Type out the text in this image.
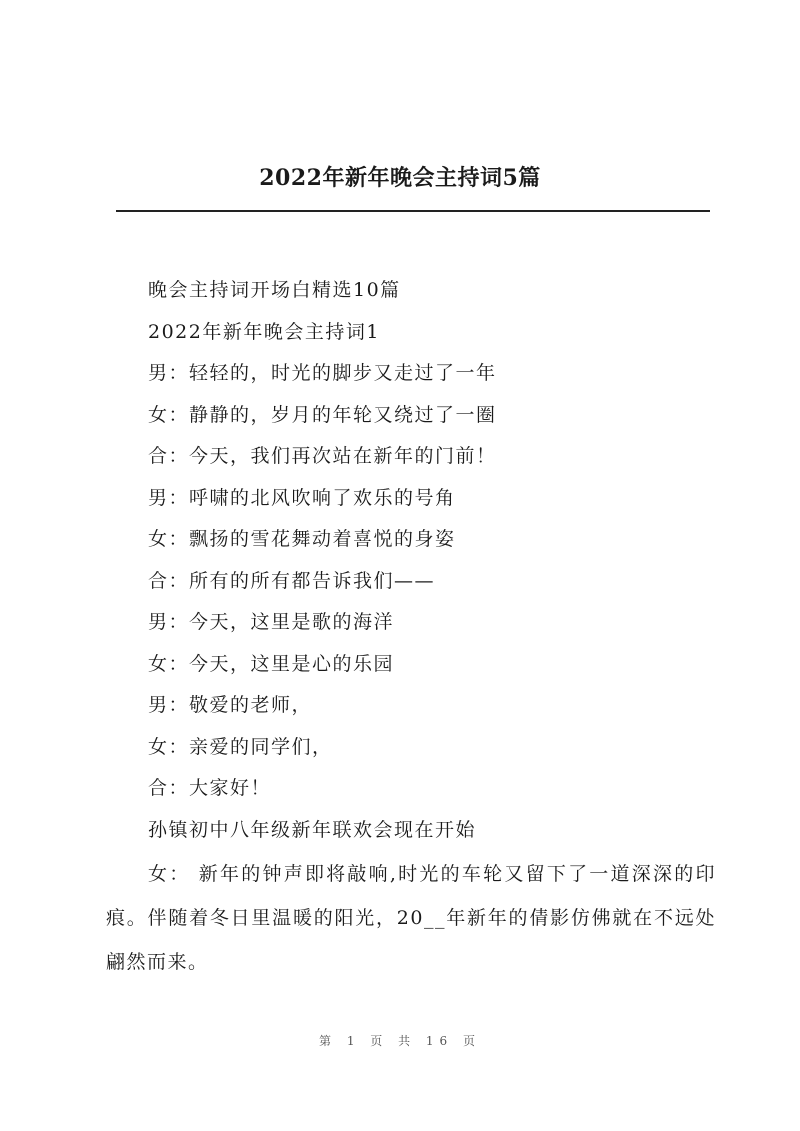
2022年新年晚会主持词5篇
晚会主持词开场白精选10篇
2022年新年晚会主持词1
男：轻轻的，时光的脚步又走过了一年
女：静静的，岁月的年轮又绕过了一圈
合：今天，我们再次站在新年的门前！
男：呼啸的北风吹响了欢乐的号角
女：飘扬的雪花舞动着喜悦的身姿
合：所有的所有都告诉我们——
男：今天，这里是歌的海洋
女：今天，这里是心的乐园
男：敬爱的老师，
女：亲爱的同学们，
合：大家好！
孙镇初中八年级新年联欢会现在开始

女： 新年的钟声即将敲响,时光的车轮又留下了一道深深的印痕。伴随着冬日里温暖的阳光，20__年新年的倩影仿佛就在不远处翩然而来。

第 1 页 共 16 页
